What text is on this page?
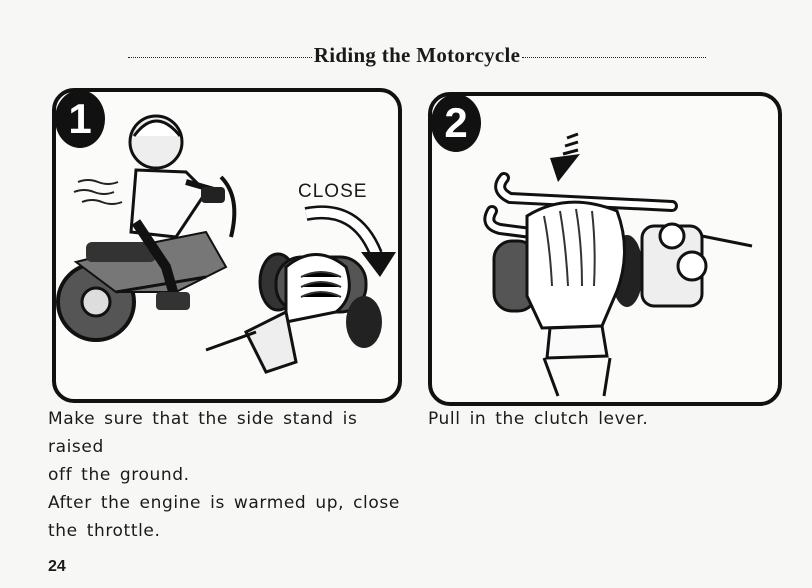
Riding the Motorcycle
1
CLOSE
2
Make sure that the side stand is raised
off the ground.
After the engine is warmed up, close
the throttle.
Pull in the clutch lever.
24
